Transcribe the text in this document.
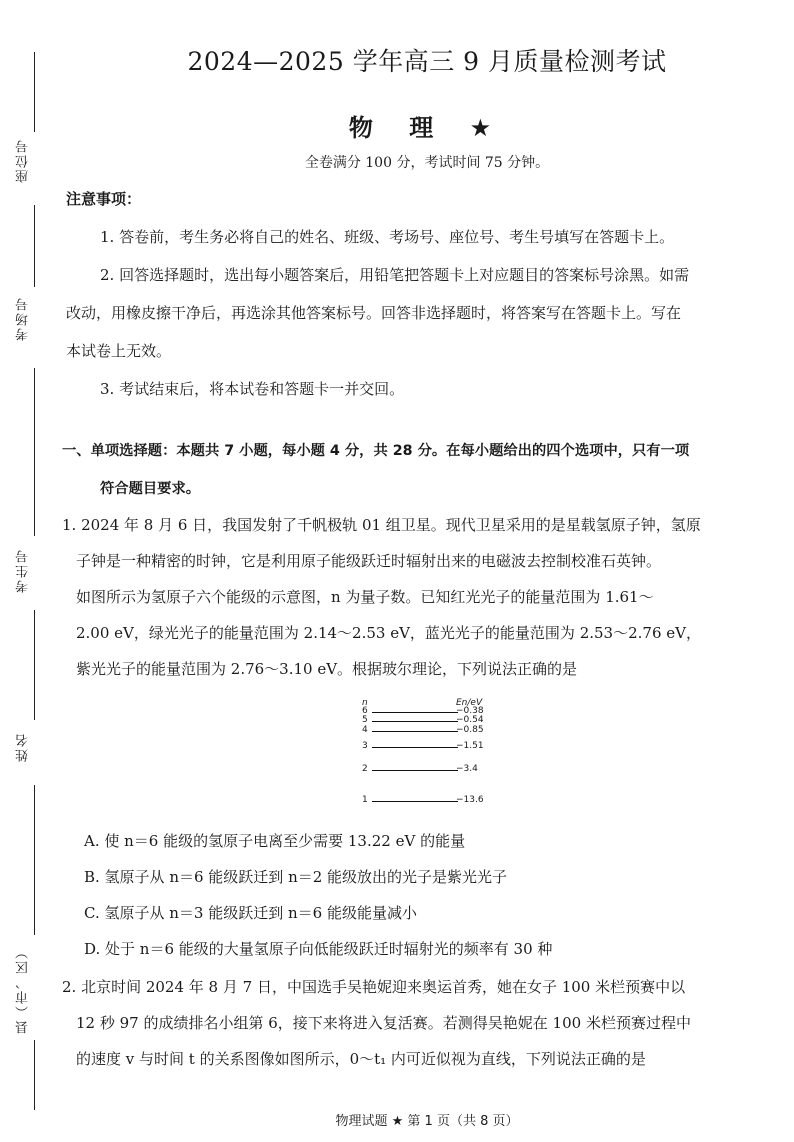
座位号
考场号
考生号
姓名
县（市、区）
2024—2025 学年高三 9 月质量检测考试
物 理 ★
全卷满分 100 分，考试时间 75 分钟。
注意事项：
1. 答卷前，考生务必将自己的姓名、班级、考场号、座位号、考生号填写在答题卡上。
2. 回答选择题时，选出每小题答案后，用铅笔把答题卡上对应题目的答案标号涂黑。如需
改动，用橡皮擦干净后，再选涂其他答案标号。回答非选择题时，将答案写在答题卡上。写在
本试卷上无效。
3. 考试结束后，将本试卷和答题卡一并交回。
一、单项选择题：本题共 7 小题，每小题 4 分，共 28 分。在每小题给出的四个选项中，只有一项
符合题目要求。
1. 2024 年 8 月 6 日，我国发射了千帆极轨 01 组卫星。现代卫星采用的是星载氢原子钟，氢原
子钟是一种精密的时钟，它是利用原子能级跃迁时辐射出来的电磁波去控制校准石英钟。
如图所示为氢原子六个能级的示意图，n 为量子数。已知红光光子的能量范围为 1.61～
2.00 eV，绿光光子的能量范围为 2.14～2.53 eV，蓝光光子的能量范围为 2.53～2.76 eV，
紫光光子的能量范围为 2.76～3.10 eV。根据玻尔理论，下列说法正确的是
n	En/eV
6	−0.38
5	−0.54
4	−0.85
3	−1.51
2	−3.4
1	−13.6
A. 使 n＝6 能级的氢原子电离至少需要 13.22 eV 的能量
B. 氢原子从 n＝6 能级跃迁到 n＝2 能级放出的光子是紫光光子
C. 氢原子从 n＝3 能级跃迁到 n＝6 能级能量减小
D. 处于 n＝6 能级的大量氢原子向低能级跃迁时辐射光的频率有 30 种
2. 北京时间 2024 年 8 月 7 日，中国选手吴艳妮迎来奥运首秀，她在女子 100 米栏预赛中以
12 秒 97 的成绩排名小组第 6，接下来将进入复活赛。若测得吴艳妮在 100 米栏预赛过程中
的速度 v 与时间 t 的关系图像如图所示，0～t₁ 内可近似视为直线，下列说法正确的是
物理试题 ★ 第 1 页（共 8 页）
